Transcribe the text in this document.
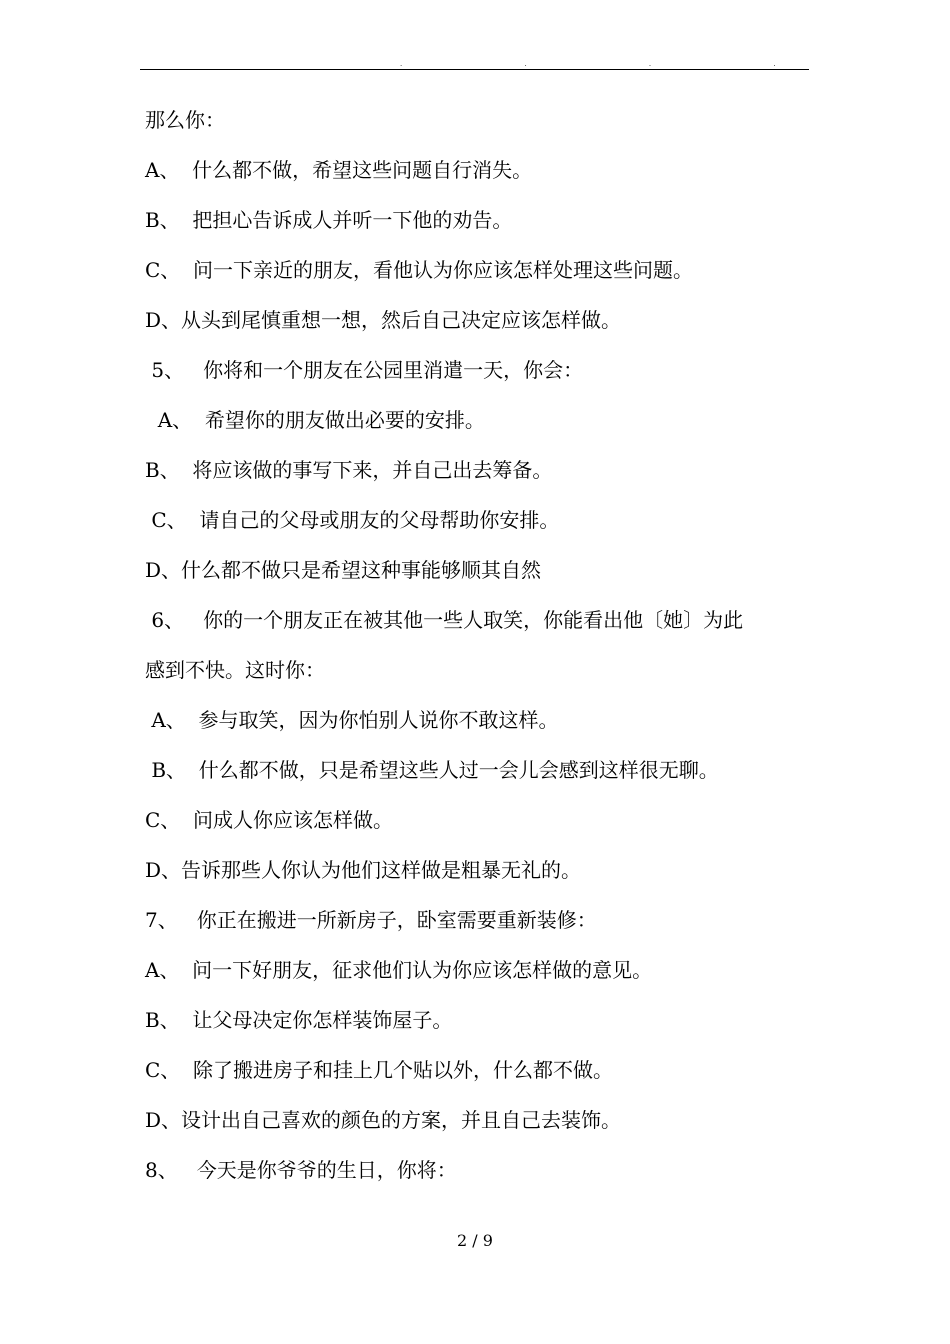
. . . .
那么你：
A、  什么都不做，希望这些问题自行消失。
B、  把担心告诉成人并听一下他的劝告。
C、  问一下亲近的朋友，看他认为你应该怎样处理这些问题。
D、从头到尾慎重想一想，然后自己决定应该怎样做。
5、   你将和一个朋友在公园里消遣一天，你会：
A、  希望你的朋友做出必要的安排。
B、  将应该做的事写下来，并自己出去筹备。
C、  请自己的父母或朋友的父母帮助你安排。
D、什么都不做只是希望这种事能够顺其自然
6、   你的一个朋友正在被其他一些人取笑，你能看出他〔她〕为此
感到不快。这时你：
A、  参与取笑，因为你怕别人说你不敢这样。
B、  什么都不做，只是希望这些人过一会儿会感到这样很无聊。
C、  问成人你应该怎样做。
D、告诉那些人你认为他们这样做是粗暴无礼的。
7、   你正在搬进一所新房子，卧室需要重新装修：
A、  问一下好朋友，征求他们认为你应该怎样做的意见。
B、  让父母决定你怎样装饰屋子。
C、  除了搬进房子和挂上几个贴以外，什么都不做。
D、设计出自己喜欢的颜色的方案，并且自己去装饰。
8、   今天是你爷爷的生日，你将：
2 / 9
